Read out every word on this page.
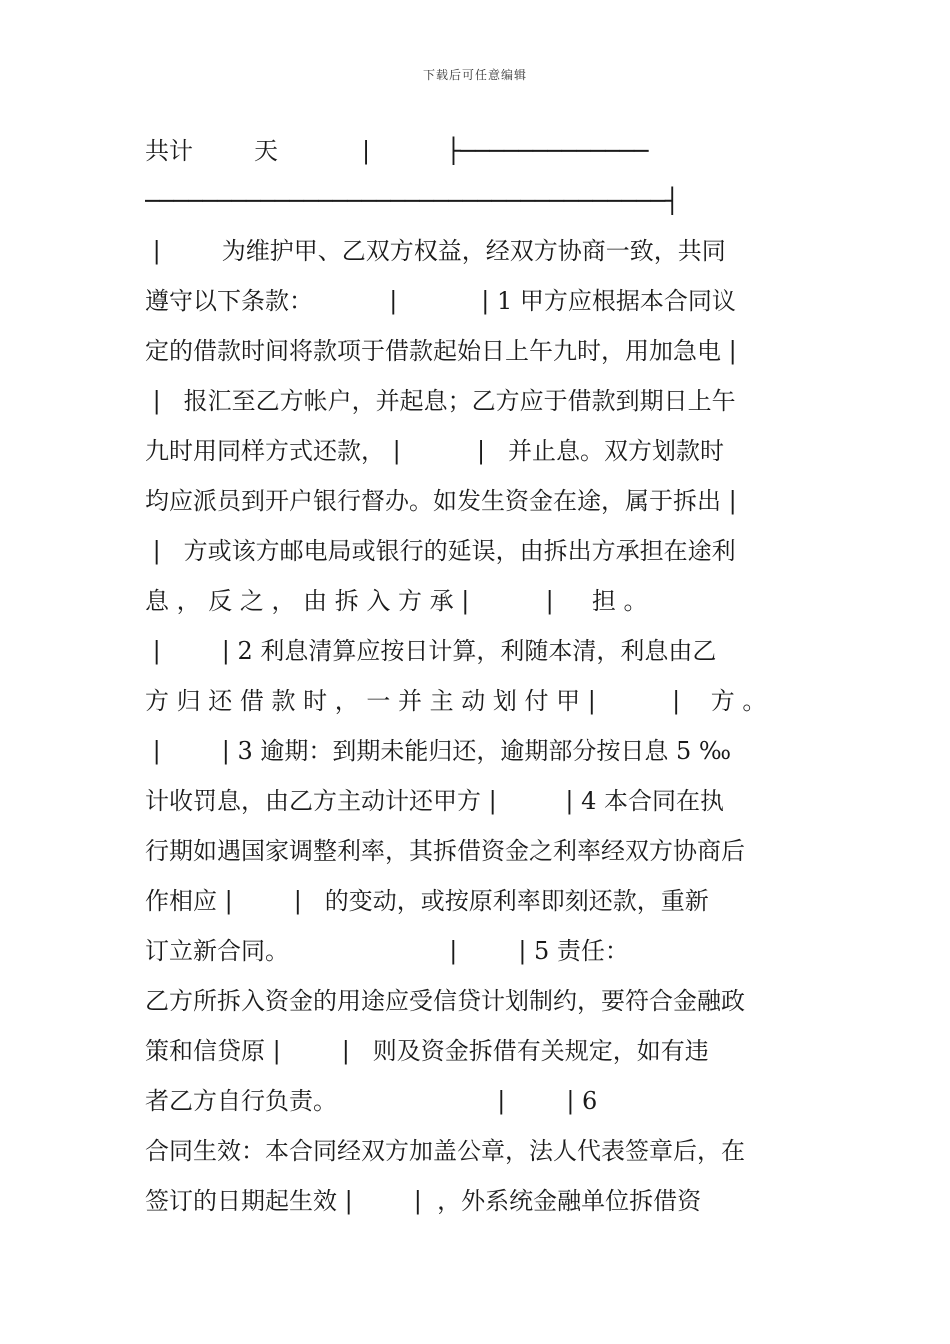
下载后可任意编辑
共计        天           |          ├─────────────
────────────────────────────────────┤
|        为维护甲、乙双方权益，经双方协商一致，共同
遵守以下条款：          |           | 1 甲方应根据本合同议
定的借款时间将款项于借款起始日上午九时，用加急电 |
|   报汇至乙方帐户，并起息；乙方应于借款到期日上午
九时用同样方式还款， |          |   并止息。双方划款时
均应派员到开户银行督办。如发生资金在途，属于拆出 |
|   方或该方邮电局或银行的延误，由拆出方承担在途利
息 ， 反 之 ， 由 拆 入 方 承 |          |     担 。
|        | 2 利息清算应按日计算，利随本清，利息由乙
方 归 还 借 款 时 ， 一 并 主 动 划 付 甲 |          |    方 。
|        | 3 逾期：到期未能归还，逾期部分按日息 5 ‰
计收罚息，由乙方主动计还甲方 |         | 4 本合同在执
行期如遇国家调整利率，其拆借资金之利率经双方协商后
作相应 |        |   的变动，或按原利率即刻还款，重新
订立新合同。                     |        | 5 责任：
乙方所拆入资金的用途应受信贷计划制约，要符合金融政
策和信贷原 |        |   则及资金拆借有关规定，如有违
者乙方自行负责。                     |        | 6
合同生效：本合同经双方加盖公章，法人代表签章后，在
签订的日期起生效 |        |  ，外系统金融单位拆借资
